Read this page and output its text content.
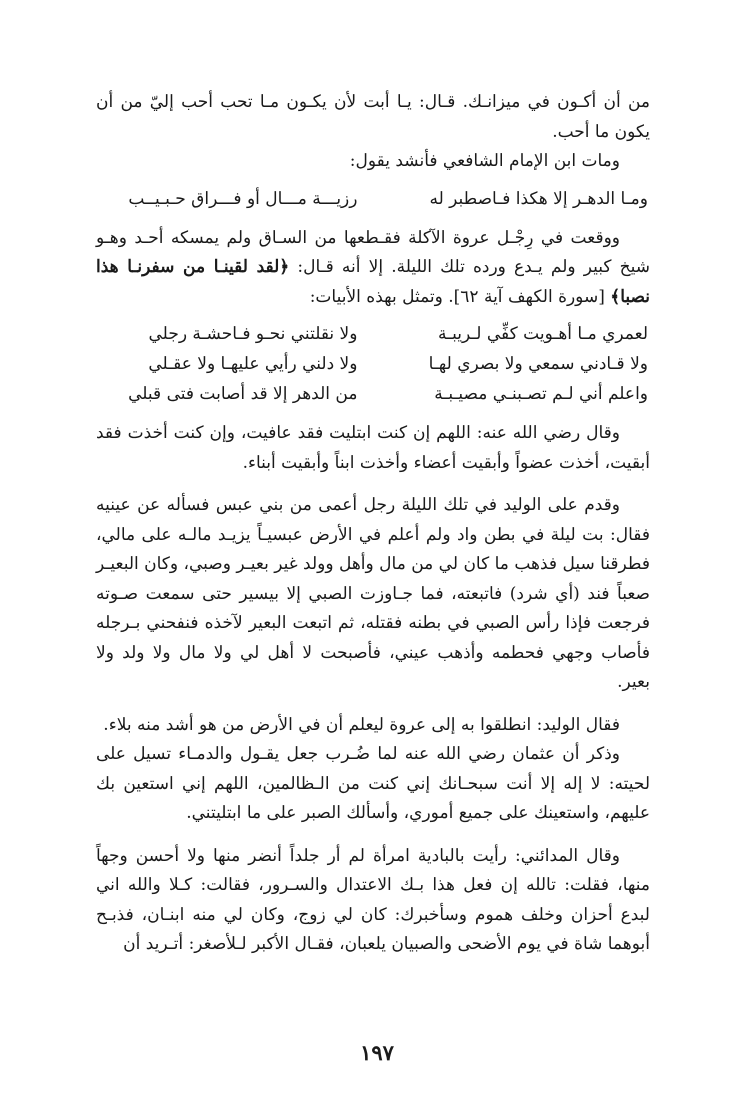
من أن أكـون في ميزانـك. قـال: يـا أبت لأن يكـون مـا تحب أحب إليّ من أن يكون ما أحب.

ومات ابن الإمام الشافعي فأنشد يقول:

ومـا الدهـر إلا هكذا فـاصطبر له
رزيـــة مـــال أو فـــراق حـبـيــب

ووقعت في رِجْـل عروة الآكلة فقـطعها من السـاق ولم يمسكه أحـد وهـو شيخ كبير ولم يـدع ورده تلك الليلة. إلا أنه قـال: ﴿لقد لقينـا من سفرنـا هذا نصبا﴾ [سورة الكهف آية ٦٢]. وتمثل بهذه الأبيات:

لعمري مـا أهـويت كفِّي لـريبـة
ولا نقلتني نحـو فـاحشـة رجلي
ولا قـادني سمعي ولا بصري لهـا
ولا دلني رأيي عليهـا ولا عقـلي
واعلم أني لـم تصـبنـي مصيـبـة
من الدهر إلا قد أصابت فتى قبلي

وقال رضي الله عنه: اللهم إن كنت ابتليت فقد عافيت، وإن كنت أخذت فقد أبقيت، أخذت عضواً وأبقيت أعضاء وأخذت ابناً وأبقيت أبناء.

وقدم على الوليد في تلك الليلة رجل أعمى من بني عبس فسأله عن عينيه فقال: بت ليلة في بطن واد ولم أعلم في الأرض عبسيـاً يزيـد مالـه على مالي، فطرقنا سيل فذهب ما كان لي من مال وأهل وولد غير بعيـر وصبي، وكان البعيـر صعباً فند (أي شرد) فاتبعته، فما جـاوزت الصبي إلا بيسير حتى سمعت صـوته فرجعت فإذا رأس الصبي في بطنه فقتله، ثم اتبعت البعير لآخذه فنفحني بـرجله فأصاب وجهي فحطمه وأذهب عيني، فأصبحت لا أهل لي ولا مال ولا ولد ولا بعير.

فقال الوليد: انطلقوا به إلى عروة ليعلم أن في الأرض من هو أشد منه بلاء.

وذكر أن عثمان رضي الله عنه لما ضُـرب جعل يقـول والدمـاء تسيل على لحيته: لا إله إلا أنت سبحـانك إني كنت من الـظالمين، اللهم إني استعين بك عليهم، واستعينك على جميع أموري، وأسألك الصبر على ما ابتليتني.

وقال المدائني: رأيت بالبادية امرأة لم أر جلداً أنضر منها ولا أحسن وجهاً منها، فقلت: تالله إن فعل هذا بـك الاعتدال والسـرور، فقالت: كـلا والله اني لبدع أحزان وخلف هموم وسأخبرك: كان لي زوج، وكان لي منه ابنـان، فذبـح أبوهما شاة في يوم الأضحى والصبيان يلعبان، فقـال الأكبر لـلأصغر: أتـريد أن

١٩٧
